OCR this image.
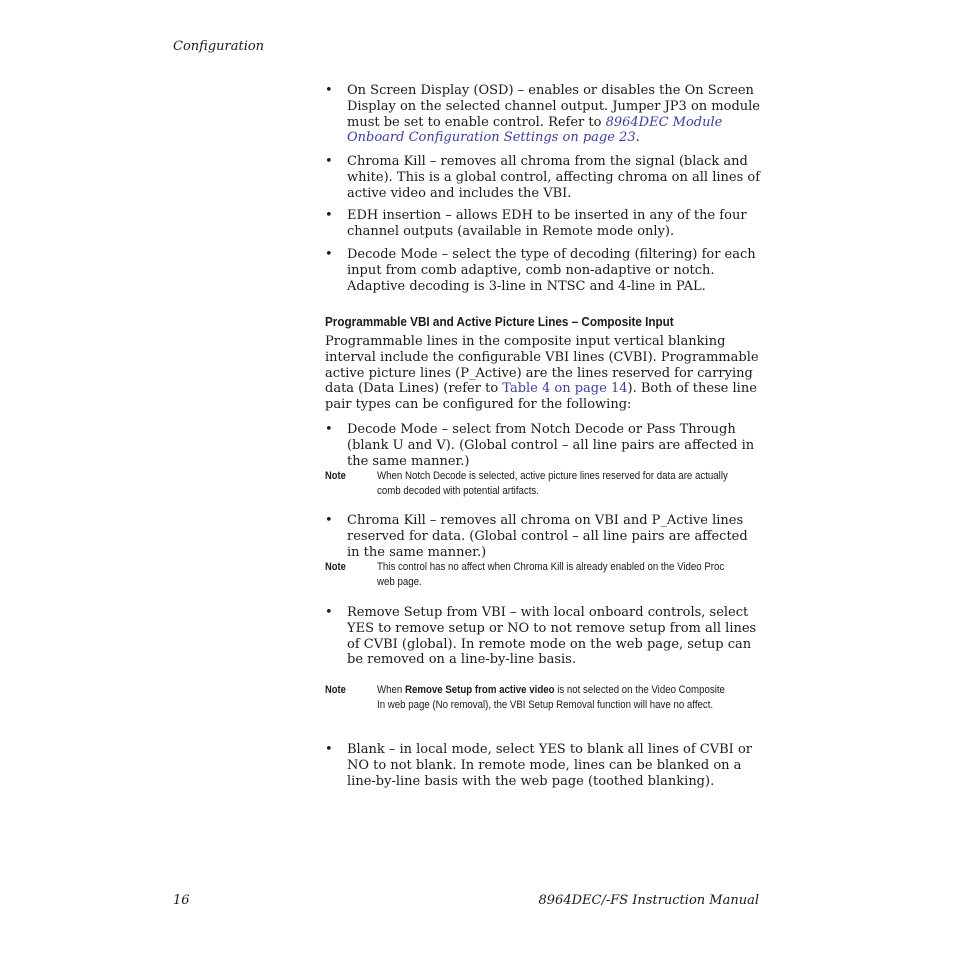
Configuration
• On Screen Display (OSD) – enables or disables the On Screen Display on the selected channel output. Jumper JP3 on module must be set to enable control. Refer to 8964DEC Module Onboard Configuration Settings on page 23.
• Chroma Kill – removes all chroma from the signal (black and white). This is a global control, affecting chroma on all lines of active video and includes the VBI.
• EDH insertion – allows EDH to be inserted in any of the four channel outputs (available in Remote mode only).
• Decode Mode – select the type of decoding (filtering) for each input from comb adaptive, comb non-adaptive or notch. Adaptive decoding is 3-line in NTSC and 4-line in PAL.
Programmable VBI and Active Picture Lines – Composite Input
Programmable lines in the composite input vertical blanking interval include the configurable VBI lines (CVBI). Programmable active picture lines (P_Active) are the lines reserved for carrying data (Data Lines) (refer to Table 4 on page 14). Both of these line pair types can be configured for the following:
• Decode Mode – select from Notch Decode or Pass Through (blank U and V). (Global control – all line pairs are affected in the same manner.)
Note	When Notch Decode is selected, active picture lines reserved for data are actually comb decoded with potential artifacts.
• Chroma Kill – removes all chroma on VBI and P_Active lines reserved for data. (Global control – all line pairs are affected in the same manner.)
Note	This control has no affect when Chroma Kill is already enabled on the Video Proc web page.
• Remove Setup from VBI – with local onboard controls, select YES to remove setup or NO to not remove setup from all lines of CVBI (global). In remote mode on the web page, setup can be removed on a line-by-line basis.
Note	When Remove Setup from active video is not selected on the Video Composite In web page (No removal), the VBI Setup Removal function will have no affect.
• Blank – in local mode, select YES to blank all lines of CVBI or NO to not blank. In remote mode, lines can be blanked on a line-by-line basis with the web page (toothed blanking).
16	8964DEC/-FS Instruction Manual
